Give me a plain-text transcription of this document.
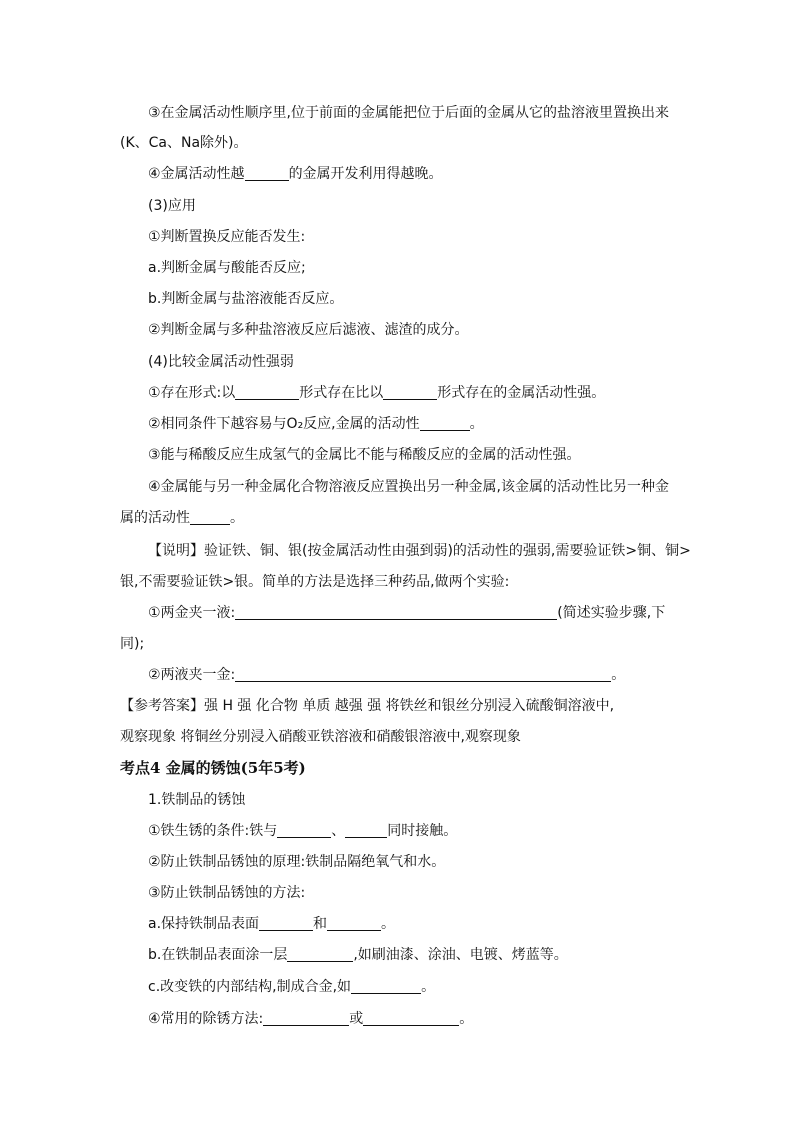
③在金属活动性顺序里,位于前面的金属能把位于后面的金属从它的盐溶液里置换出来
(K、Ca、Na除外)。
④金属活动性越	的金属开发利用得越晚。
(3)应用
①判断置换反应能否发生:
a.判断金属与酸能否反应;
b.判断金属与盐溶液能否反应。
②判断金属与多种盐溶液反应后滤液、滤渣的成分。
(4)比较金属活动性强弱
①存在形式:以	形式存在比以	形式存在的金属活动性强。
②相同条件下越容易与O₂反应,金属的活动性	。
③能与稀酸反应生成氢气的金属比不能与稀酸反应的金属的活动性强。
④金属能与另一种金属化合物溶液反应置换出另一种金属,该金属的活动性比另一种金
属的活动性	。
【说明】验证铁、铜、银(按金属活动性由强到弱)的活动性的强弱,需要验证铁>铜、铜>
银,不需要验证铁>银。简单的方法是选择三种药品,做两个实验:
①两金夹一液:	(简述实验步骤,下
同);
②两液夹一金:	。
【参考答案】强 H 强 化合物 单质 越强 强 将铁丝和银丝分别浸入硫酸铜溶液中,
观察现象 将铜丝分别浸入硝酸亚铁溶液和硝酸银溶液中,观察现象
考点4 金属的锈蚀(5年5考)
1.铁制品的锈蚀
①铁生锈的条件:铁与	、	同时接触。
②防止铁制品锈蚀的原理:铁制品隔绝氧气和水。
③防止铁制品锈蚀的方法:
a.保持铁制品表面	和	。
b.在铁制品表面涂一层	,如刷油漆、涂油、电镀、烤蓝等。
c.改变铁的内部结构,制成合金,如	。
④常用的除锈方法:	或	。
